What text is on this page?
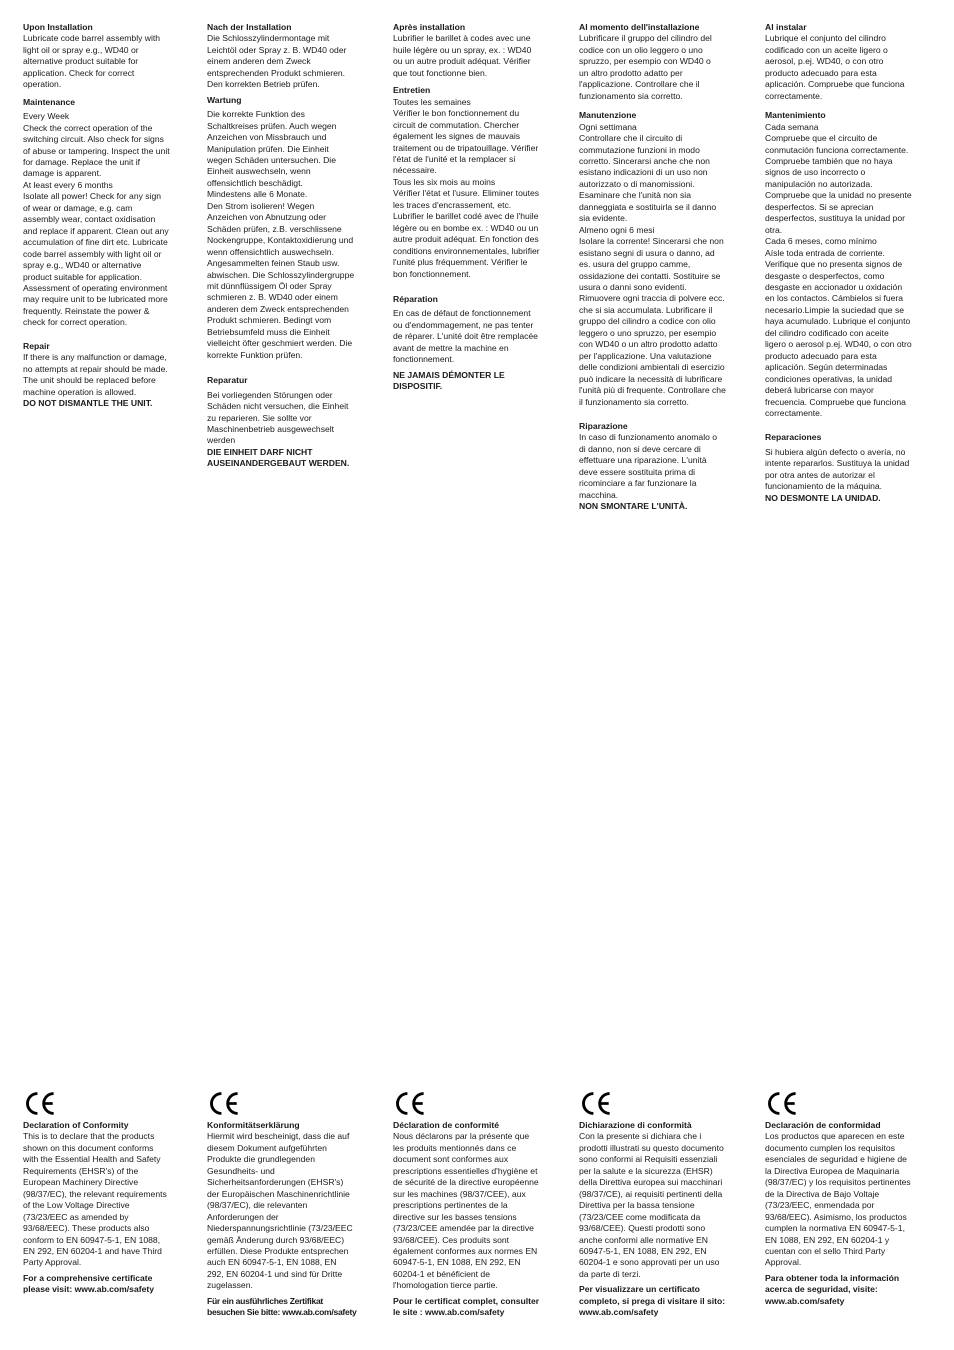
Upon Installation

Lubricate code barrel assembly with
light oil or spray e.g., WD40 or
alternative product suitable for
application. Check for correct
operation.

Maintenance

Every Week
Check the correct operation of the
switching circuit. Also check for signs
of abuse or tampering. Inspect the unit
for damage. Replace the unit if
damage is apparent.
At least every 6 months
Isolate all power! Check for any sign
of wear or damage, e.g. cam
assembly wear, contact oxidisation
and replace if apparent. Clean out any
accumulation of fine dirt etc. Lubricate
code barrel assembly with light oil or
spray e.g., WD40 or alternative
product suitable for application.
Assessment of operating environment
may require unit to be lubricated more
frequently. Reinstate the power &
check for correct operation.

Repair

If there is any malfunction or damage,
no attempts at repair should be made.
The unit should be replaced before
machine operation is allowed.

DO NOT DISMANTLE THE UNIT.

Nach der Installation

Die Schlosszylindermontage mit
Leichtöl oder Spray z. B. WD40 oder
einem anderen dem Zweck
entsprechenden Produkt schmieren.
Den korrekten Betrieb prüfen.

Wartung

Die korrekte Funktion des
Schaltkreises prüfen. Auch wegen
Anzeichen von Missbrauch und
Manipulation prüfen. Die Einheit
wegen Schäden untersuchen. Die
Einheit auswechseln, wenn
offensichtlich beschädigt.
Mindestens alle 6 Monate.
Den Strom isolieren! Wegen
Anzeichen von Abnutzung oder
Schäden prüfen, z.B. verschlissene
Nockengruppe, Kontaktoxidierung und
wenn offensichtlich auswechseln.
Angesammelten feinen Staub usw.
abwischen. Die Schlosszylindergruppe
mit dünnflüssigem Öl oder Spray
schmieren z. B. WD40 oder einem
anderen dem Zweck entsprechenden
Produkt schmieren. Bedingt vom
Betriebsumfeld muss die Einheit
vielleicht öfter geschmiert werden. Die
korrekte Funktion prüfen.

Reparatur

Bei vorliegenden Störungen oder
Schäden nicht versuchen, die Einheit
zu reparieren. Sie sollte vor
Maschinenbetrieb ausgewechselt
werden

DIE EINHEIT DARF NICHT
AUSEINANDERGEBAUT WERDEN.

Après installation

Lubrifier le barillet à codes avec une
huile légère ou un spray, ex. : WD40
ou un autre produit adéquat. Vérifier
que tout fonctionne bien.

Entretien

Toutes les semaines
Vérifier le bon fonctionnement du
circuit de commutation. Chercher
également les signes de mauvais
traitement ou de tripatouillage. Vérifier
l'état de l'unité et la remplacer si
nécessaire.
Tous les six mois au moins
Vérifier l'état et l'usure. Eliminer toutes
les traces d'encrassement, etc.
Lubrifier le barillet codé avec de l'huile
légère ou en bombe ex. : WD40 ou un
autre produit adéquat. En fonction des
conditions environnementales, lubrifier
l'unité plus fréquemment. Vérifier le
bon fonctionnement.

Réparation

En cas de défaut de fonctionnement
ou d'endommagement, ne pas tenter
de réparer. L'unité doit être remplacée
avant de mettre la machine en
fonctionnement.

NE JAMAIS DÉMONTER LE
DISPOSITIF.

Al momento dell'installazione

Lubrificare il gruppo del cilindro del
codice con un olio leggero o uno
spruzzo, per esempio con WD40 o
un altro prodotto adatto per
l'applicazione. Controllare che il
funzionamento sia corretto.

Manutenzione

Ogni settimana
Controllare che il circuito di
commutazione funzioni in modo
corretto. Sincerarsi anche che non
esistano indicazioni di un uso non
autorizzato o di manomissioni.
Esaminare che l'unità non sia
danneggiata e sostituirla se il danno
sia evidente.
Almeno ogni 6 mesi
Isolare la corrente! Sincerarsi che non
esistano segni di usura o danno, ad
es. usura del gruppo camme,
ossidazione dei contatti. Sostituire se
usura o danni sono evidenti.
Rimuovere ogni traccia di polvere ecc.
che si sia accumulata. Lubrificare il
gruppo del cilindro a codice con olio
leggero o uno spruzzo, per esempio
con WD40 o un altro prodotto adatto
per l'applicazione. Una valutazione
delle condizioni ambientali di esercizio
può indicare la necessità di lubrificare
l'unità più di frequente. Controllare che
il funzionamento sia corretto.

Riparazione

In caso di funzionamento anomalo o
di danno, non si deve cercare di
effettuare una riparazione. L'unità
deve essere sostituita prima di
ricominciare a far funzionare la
macchina.

NON SMONTARE L'UNITÀ.

Al instalar

Lubrique el conjunto del cilindro
codificado con un aceite ligero o
aerosol, p.ej. WD40, o con otro
producto adecuado para esta
aplicación. Compruebe que funciona
correctamente.

Mantenimiento

Cada semana
Compruebe que el circuito de
conmutación funciona correctamente.
Compruebe también que no haya
signos de uso incorrecto o
manipulación no autorizada.
Compruebe que la unidad no presente
desperfectos. Si se aprecian
desperfectos, sustituya la unidad por
otra.
Cada 6 meses, como mínimo
Aísle toda entrada de corriente.
Verifique que no presenta signos de
desgaste o desperfectos, como
desgaste en accionador u oxidación
en los contactos. Cámbielos si fuera
necesario.Limpie la suciedad que se
haya acumulado. Lubrique el conjunto
del cilindro codificado con aceite
ligero o aerosol p.ej. WD40, o con otro
producto adecuado para esta
aplicación. Según determinadas
condiciones operativas, la unidad
deberá lubricarse con mayor
frecuencia. Compruebe que funciona
correctamente.

Reparaciones

Si hubiera algún defecto o avería, no
intente repararlos. Sustituya la unidad
por otra antes de autorizar el
funcionamiento de la máquina.

NO DESMONTE LA UNIDAD.

Declaration of Conformity

This is to declare that the products
shown on this document conforms
with the Essential Health and Safety
Requirements (EHSR's) of the
European Machinery Directive
(98/37/EC), the relevant requirements
of the Low Voltage Directive
(73/23/EEC as amended by
93/68/EEC). These products also
conform to EN 60947-5-1, EN 1088,
EN 292, EN 60204-1 and have Third
Party Approval.

For a comprehensive certificate
please visit: www.ab.com/safety

Konformitätserklärung

Hiermit wird bescheinigt, dass die auf
diesem Dokument aufgeführten
Produkte die grundlegenden
Gesundheits- und
Sicherheitsanforderungen (EHSR's)
der Europäischen Maschinenrichtlinie
(98/37/EC), die relevanten
Anforderungen der
Niederspannungsrichtlinie (73/23/EEC
gemäß Änderung durch 93/68/EEC)
erfüllen. Diese Produkte entsprechen
auch EN 60947-5-1, EN 1088, EN
292, EN 60204-1 und sind für Dritte
zugelassen.

Für ein ausführliches Zertifikat
besuchen Sie bitte: www.ab.com/safety

Déclaration de conformité

Nous déclarons par la présente que
les produits mentionnés dans ce
document sont conformes aux
prescriptions essentielles d'hygiène et
de sécurité de la directive européenne
sur les machines (98/37/CEE), aux
prescriptions pertinentes de la
directive sur les basses tensions
(73/23/CEE amendée par la directive
93/68/CEE). Ces produits sont
également conformes aux normes EN
60947-5-1, EN 1088, EN 292, EN
60204-1 et bénéficient de
l'homologation tierce partie.

Pour le certificat complet, consulter
le site : www.ab.com/safety

Dichiarazione di conformità

Con la presente si dichiara che i
prodotti illustrati su questo documento
sono conformi ai Requisiti essenziali
per la salute e la sicurezza (EHSR)
della Direttiva europea sui macchinari
(98/37/CE), ai requisiti pertinenti della
Direttiva per la bassa tensione
(73/23/CEE come modificata da
93/68/CEE). Questi prodotti sono
anche conformi alle normative EN
60947-5-1, EN 1088, EN 292, EN
60204-1 e sono approvati per un uso
da parte di terzi.

Per visualizzare un certificato
completo, si prega di visitare il sito:
www.ab.com/safety

Declaración de conformidad

Los productos que aparecen en este
documento cumplen los requisitos
esenciales de seguridad e higiene de
la Directiva Europea de Maquinaria
(98/37/EC) y los requisitos pertinentes
de la Directiva de Bajo Voltaje
(73/23/EEC, enmendada por
93/68/EEC). Asimismo, los productos
cumplen la normativa EN 60947-5-1,
EN 1088, EN 292, EN 60204-1 y
cuentan con el sello Third Party
Approval.

Para obtener toda la información
acerca de seguridad, visite:
www.ab.com/safety
